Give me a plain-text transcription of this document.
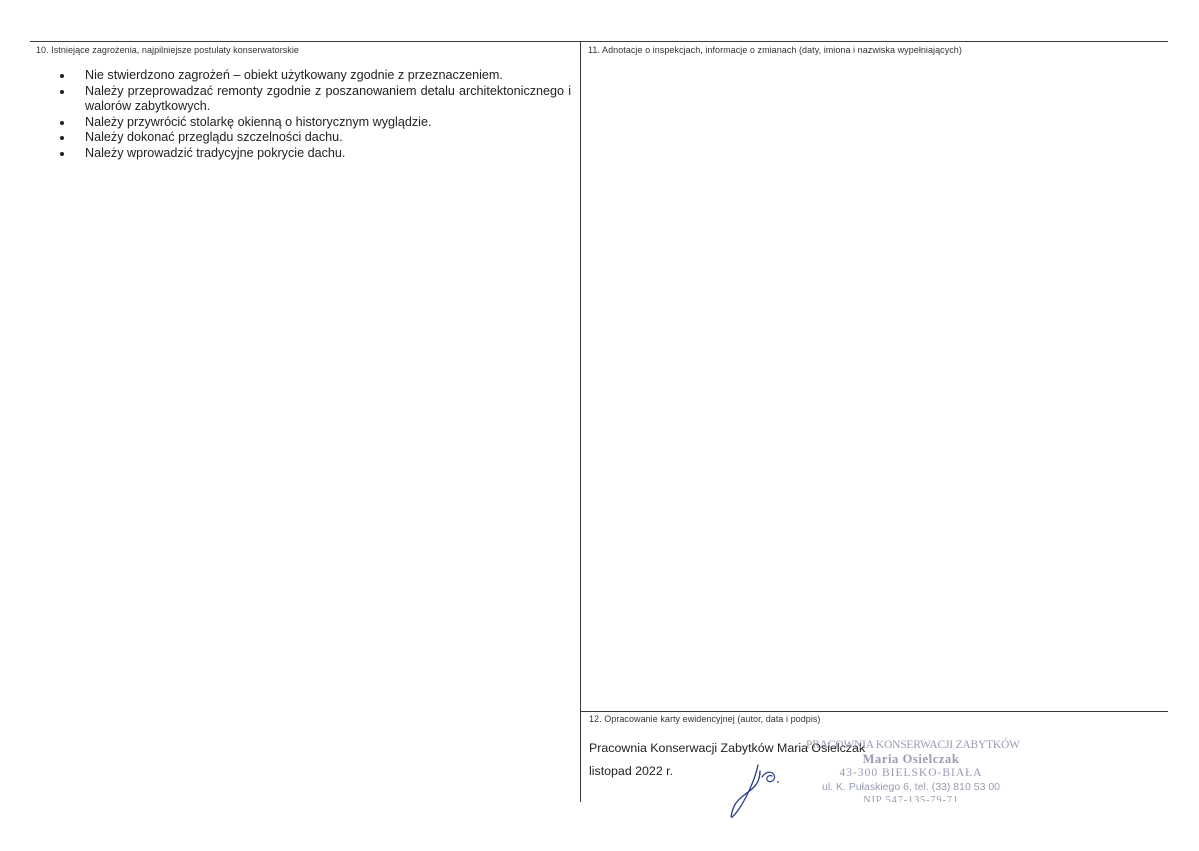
10. Istniejące zagrożenia, najpilniejsze postulaty konserwatorskie
Nie stwierdzono zagrożeń – obiekt użytkowany zgodnie z przeznaczeniem.
Należy przeprowadzać remonty zgodnie z poszanowaniem detalu architektonicznego i walorów zabytkowych.
Należy przywrócić stolarkę okienną o historycznym wyglądzie.
Należy dokonać przeglądu szczelności dachu.
Należy wprowadzić tradycyjne pokrycie dachu.
11. Adnotacje o inspekcjach, informacje o zmianach (daty, imiona i nazwiska wypełniających)
12. Opracowanie karty ewidencyjnej (autor, data i podpis)
Pracownia Konserwacji Zabytków Maria Osielczak
listopad 2022 r.
PRACOWNIA KONSERWACJI ZABYTKÓW
Maria Osielczak
43-300 BIELSKO-BIAŁA
ul. K. Pułaskiego 6, tel. (33) 810 53 00
NIP 547-135-79-71
